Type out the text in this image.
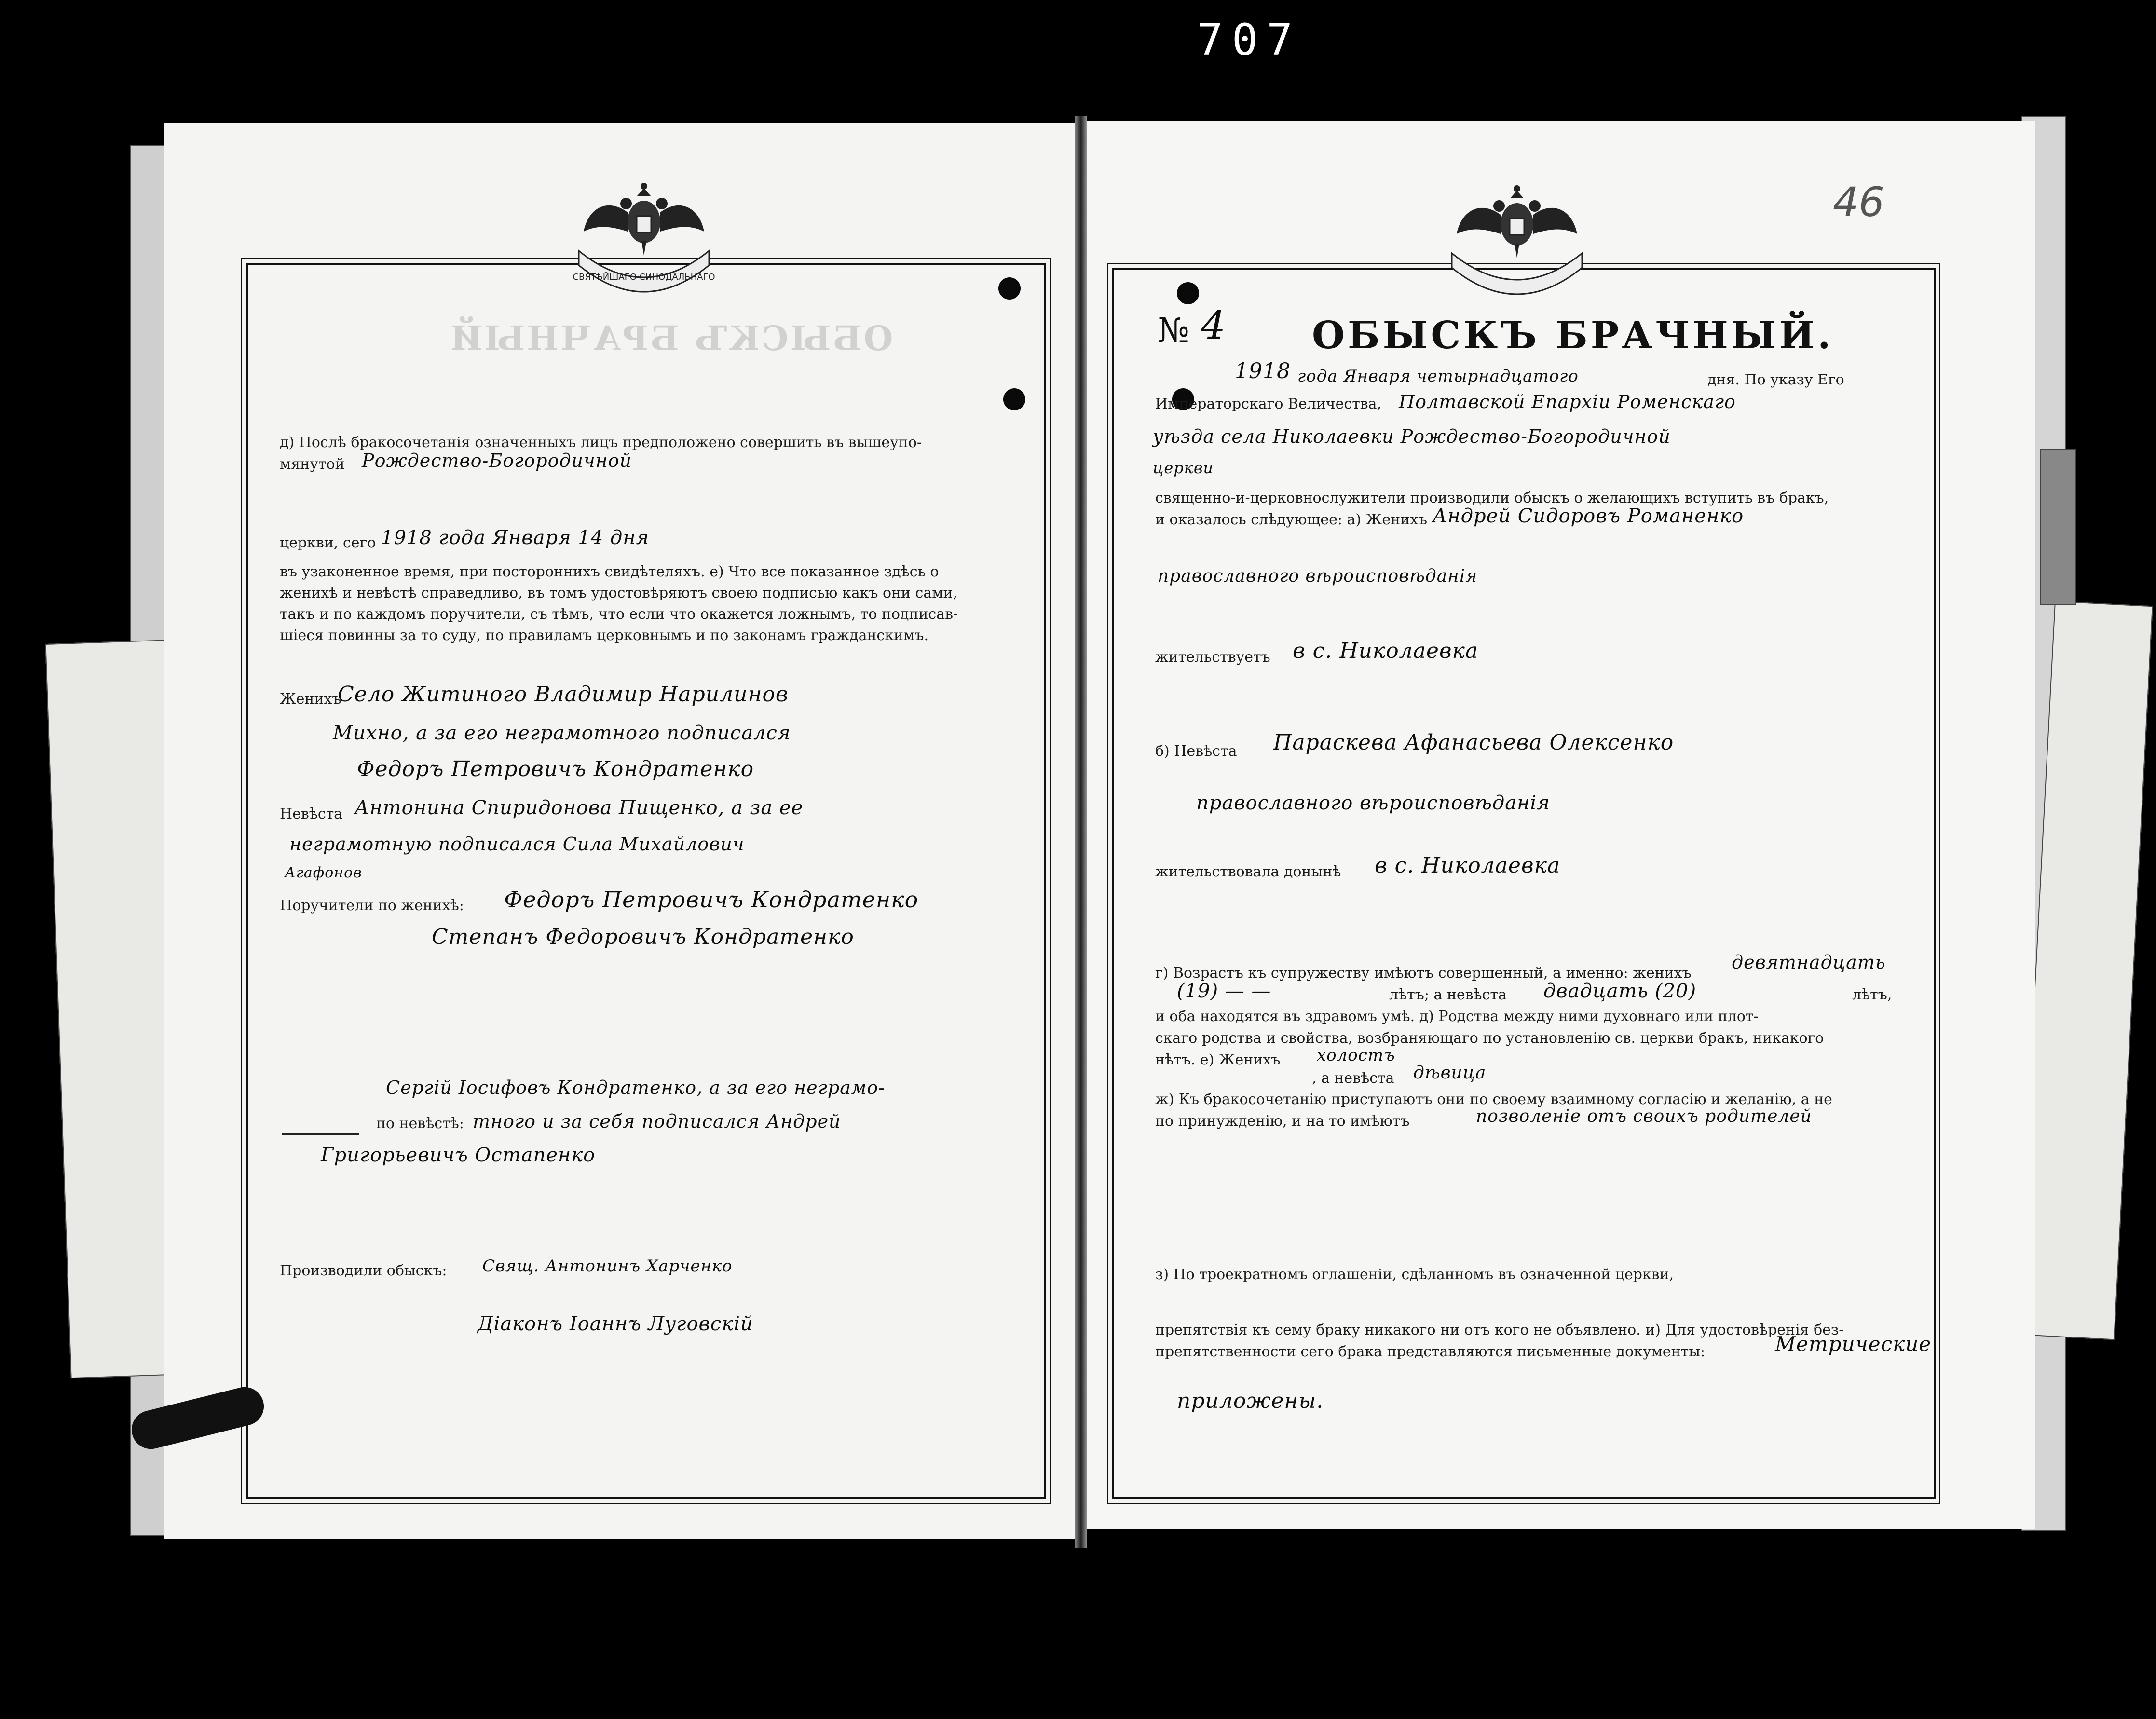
707
ОБЫСКЪ БРАЧНЫЙ
СВЯТѢЙШАГО СИНОДАЛЬНАГО
46
д) Послѣ бракосочетанія означенныхъ лицъ предположено совершить въ вышеупо-
мянутой Рождество-Богородичной
церкви, сего 1918 года Января 14 дня
въ узаконенное время, при постороннихъ свидѣтеляхъ. е) Что все показанное здѣсь о
женихѣ и невѣстѣ справедливо, въ томъ удостовѣряютъ своею подписью какъ они сами,
такъ и по каждомъ поручители, съ тѣмъ, что если что окажется ложнымъ, то подписав-
шіеся повинны за то суду, по правиламъ церковнымъ и по законамъ гражданскимъ.
Женихъ
Село Житиного Владимир Нарилинов
Михно, а за его неграмотного подписался
Федоръ Петровичъ Кондратенко
Невѣста Антонина Спиридонова Пищенко, а за ее
неграмотную подписался Сила Михайлович
Агафонов
Поручители по женихѣ: Федоръ Петровичъ Кондратенко
Степанъ Федоровичъ Кондратенко
Сергій Іосифовъ Кондратенко, а за его неграмо-
по невѣстѣ: тного и за себя подписался Андрей
Григорьевичъ Остапенко
Производили обыскъ: Свящ. Антонинъ Харченко
Діаконъ Іоаннъ Луговскій
№ 4 ОБЫСКЪ БРАЧНЫЙ.
1918 года Января четырнадцатого	дня. По указу Его
Императорскаго Величества, Полтавской Епархіи Роменскаго
уѣзда села Николаевки Рождество-Богородичной
церкви
священно-и-церковнослужители производили обыскъ о желающихъ вступить въ бракъ,
и оказалось слѣдующее: а) Женихъ Андрей Сидоровъ Романенко
православного вѣроисповѣданія
жительствуетъ в с. Николаевка
б) Невѣста Параскева Афанасьева Олексенко
православного вѣроисповѣданія
жительствовала донынѣ в с. Николаевка
г) Возрастъ къ супружеству имѣютъ совершенный, а именно: женихъ
девятнадцать
(19) — —	лѣтъ; а невѣста двадцать (20)	лѣтъ,
и оба находятся въ здравомъ умѣ. д) Родства между ними духовнаго или плот-
скаго родства и свойства, возбраняющаго по установленію св. церкви бракъ, никакого
нѣтъ. е) Женихъ холостъ
, а невѣста дѣвица
ж) Къ бракосочетанію приступаютъ они по своему взаимному согласію и желанію, а не
по принужденію, и на то имѣютъ	позволеніе отъ своихъ родителей
з) По троекратномъ оглашеніи, сдѣланномъ въ означенной церкви,
препятствія къ сему браку никакого ни отъ кого не объявлено. и) Для удостовѣренія без-
препятственности сего брака представляются письменные документы:	Метрические
приложены.
